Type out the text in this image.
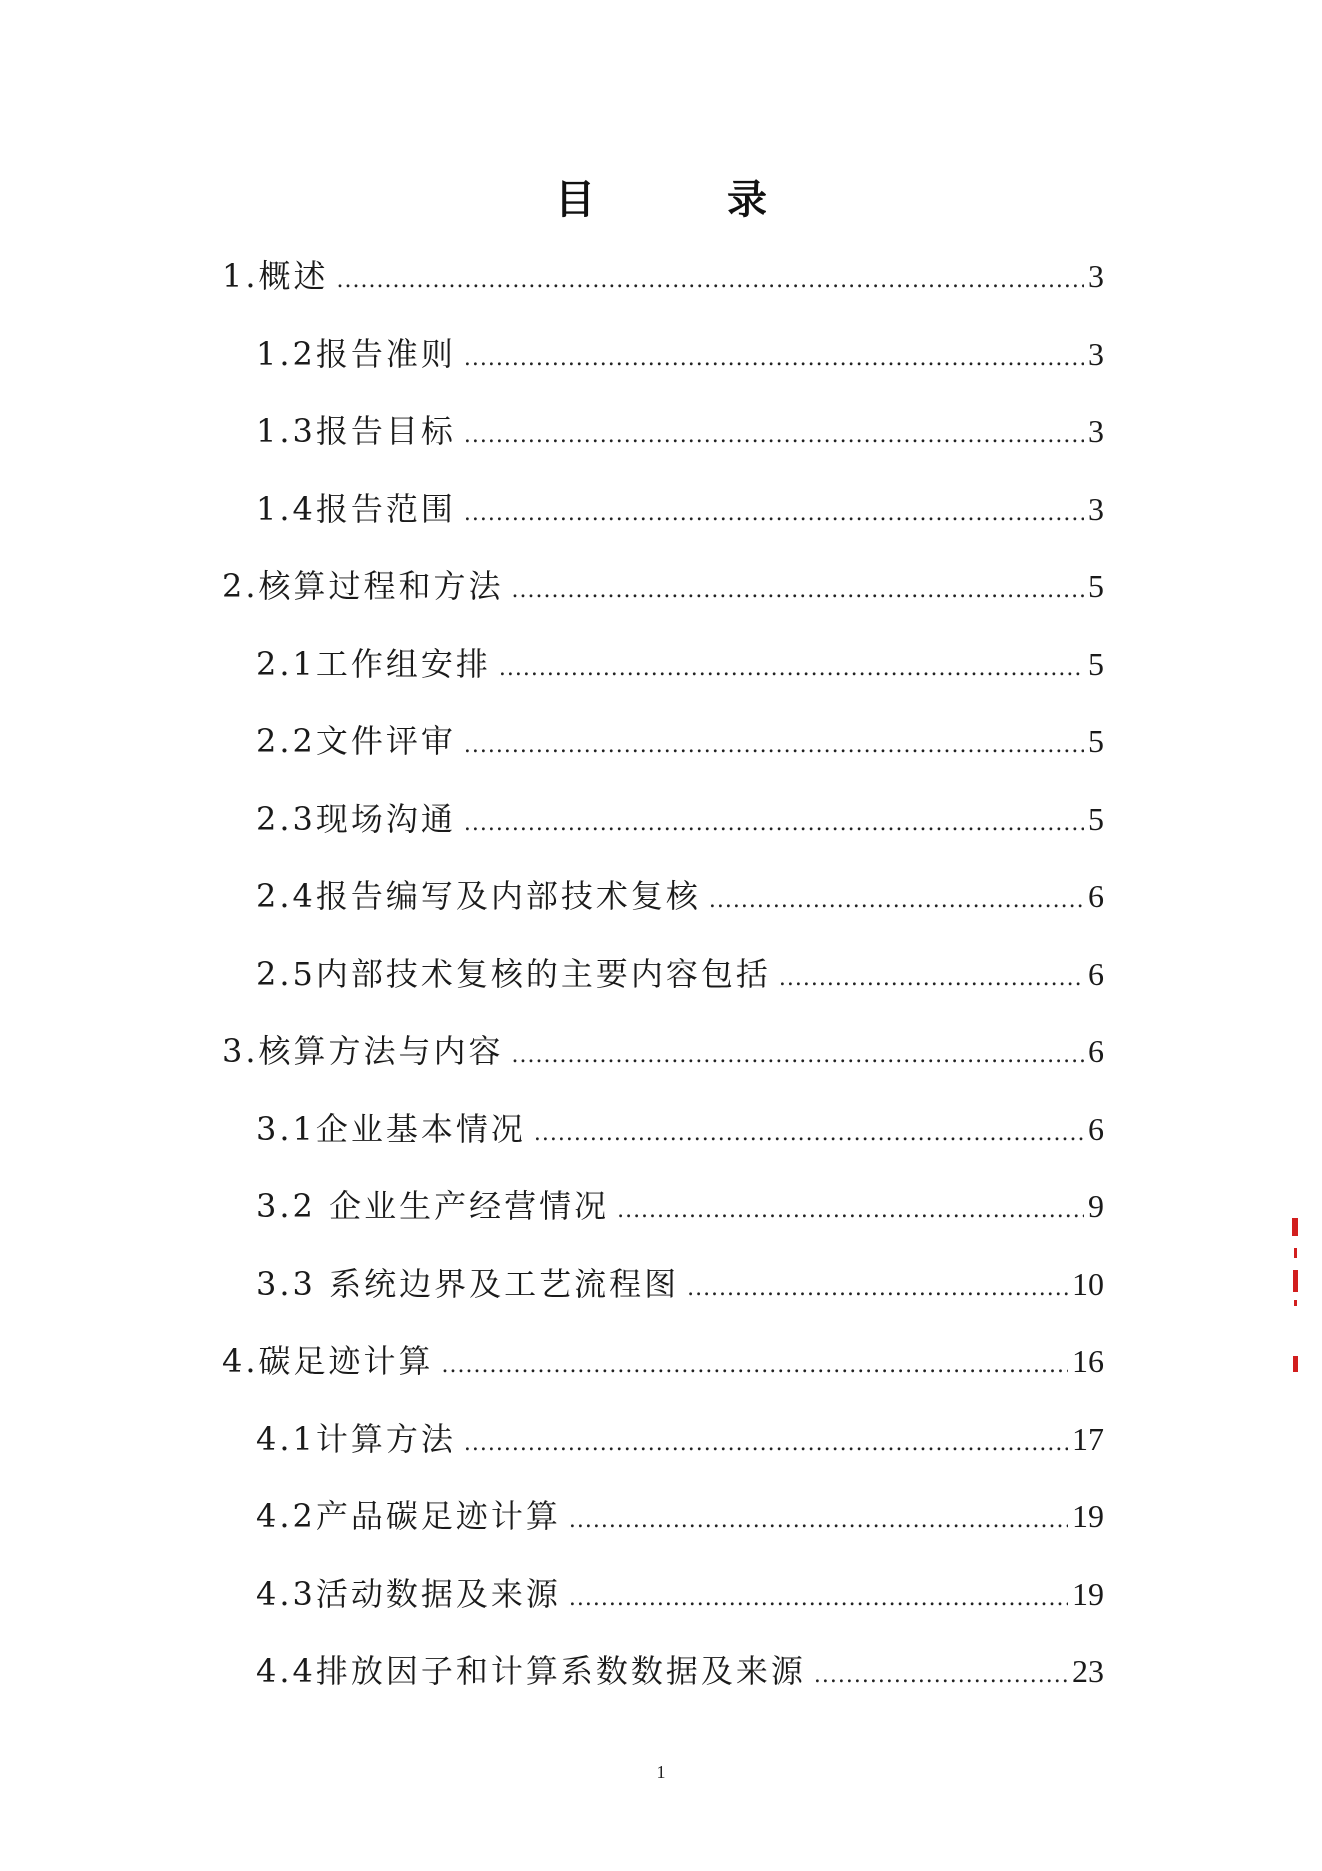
目　录
1.概述 .....	3
1.2报告准则 .....	3
1.3报告目标 .....	3
1.4报告范围 .....	3
2.核算过程和方法 .....	5
2.1工作组安排 .....	5
2.2文件评审 .....	5
2.3现场沟通 .....	5
2.4报告编写及内部技术复核 .....	6
2.5内部技术复核的主要内容包括 .....	6
3.核算方法与内容 .....	6
3.1企业基本情况 .....	6
3.2 企业生产经营情况 .....	9
3.3 系统边界及工艺流程图 .....	10
4.碳足迹计算 .....	16
4.1计算方法 .....	17
4.2产品碳足迹计算 .....	19
4.3活动数据及来源 .....	19
4.4排放因子和计算系数数据及来源 .....	23
1
